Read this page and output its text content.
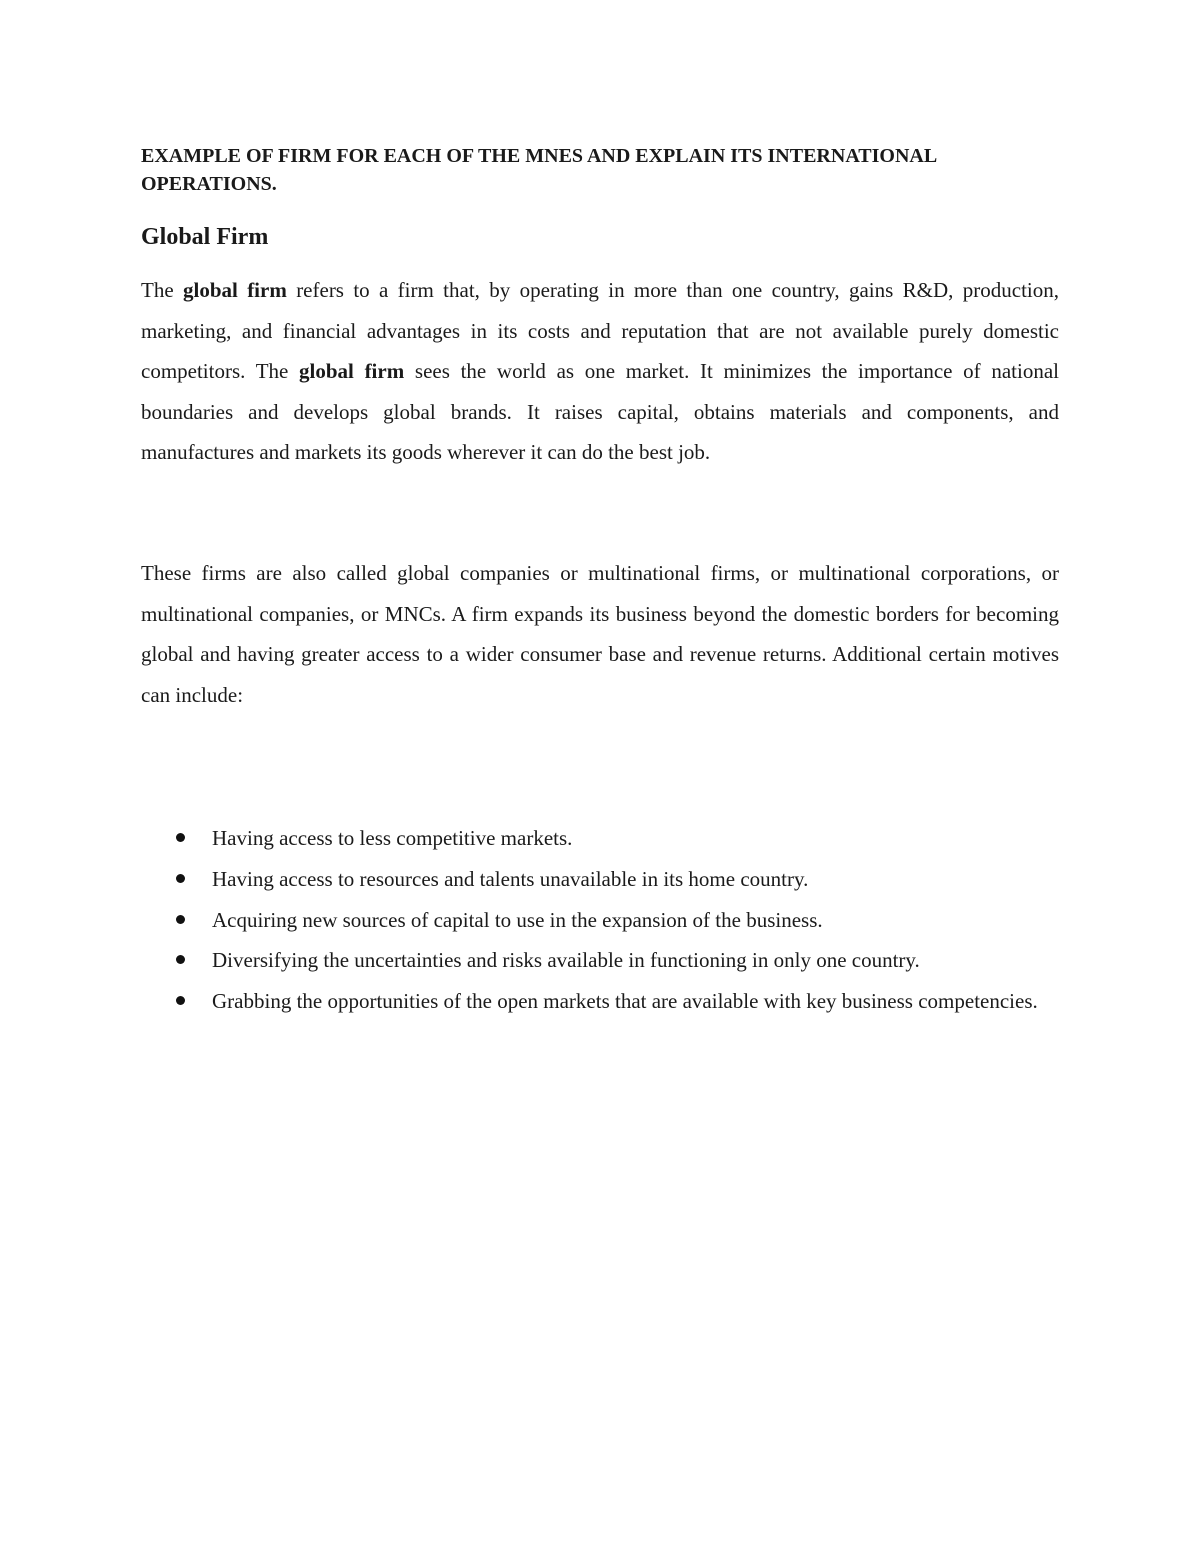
EXAMPLE OF FIRM FOR EACH OF THE MNES AND EXPLAIN ITS INTERNATIONAL OPERATIONS.

Global Firm

The global firm refers to a firm that, by operating in more than one country, gains R&D, production, marketing, and financial advantages in its costs and reputation that are not available purely domestic competitors. The global firm sees the world as one market. It minimizes the importance of national boundaries and develops global brands. It raises capital, obtains materials and components, and manufactures and markets its goods wherever it can do the best job.

These firms are also called global companies or multinational firms, or multinational corporations, or multinational companies, or MNCs. A firm expands its business beyond the domestic borders for becoming global and having greater access to a wider consumer base and revenue returns. Additional certain motives can include:

Having access to less competitive markets.
Having access to resources and talents unavailable in its home country.
Acquiring new sources of capital to use in the expansion of the business.
Diversifying the uncertainties and risks available in functioning in only one country.
Grabbing the opportunities of the open markets that are available with key business competencies.
